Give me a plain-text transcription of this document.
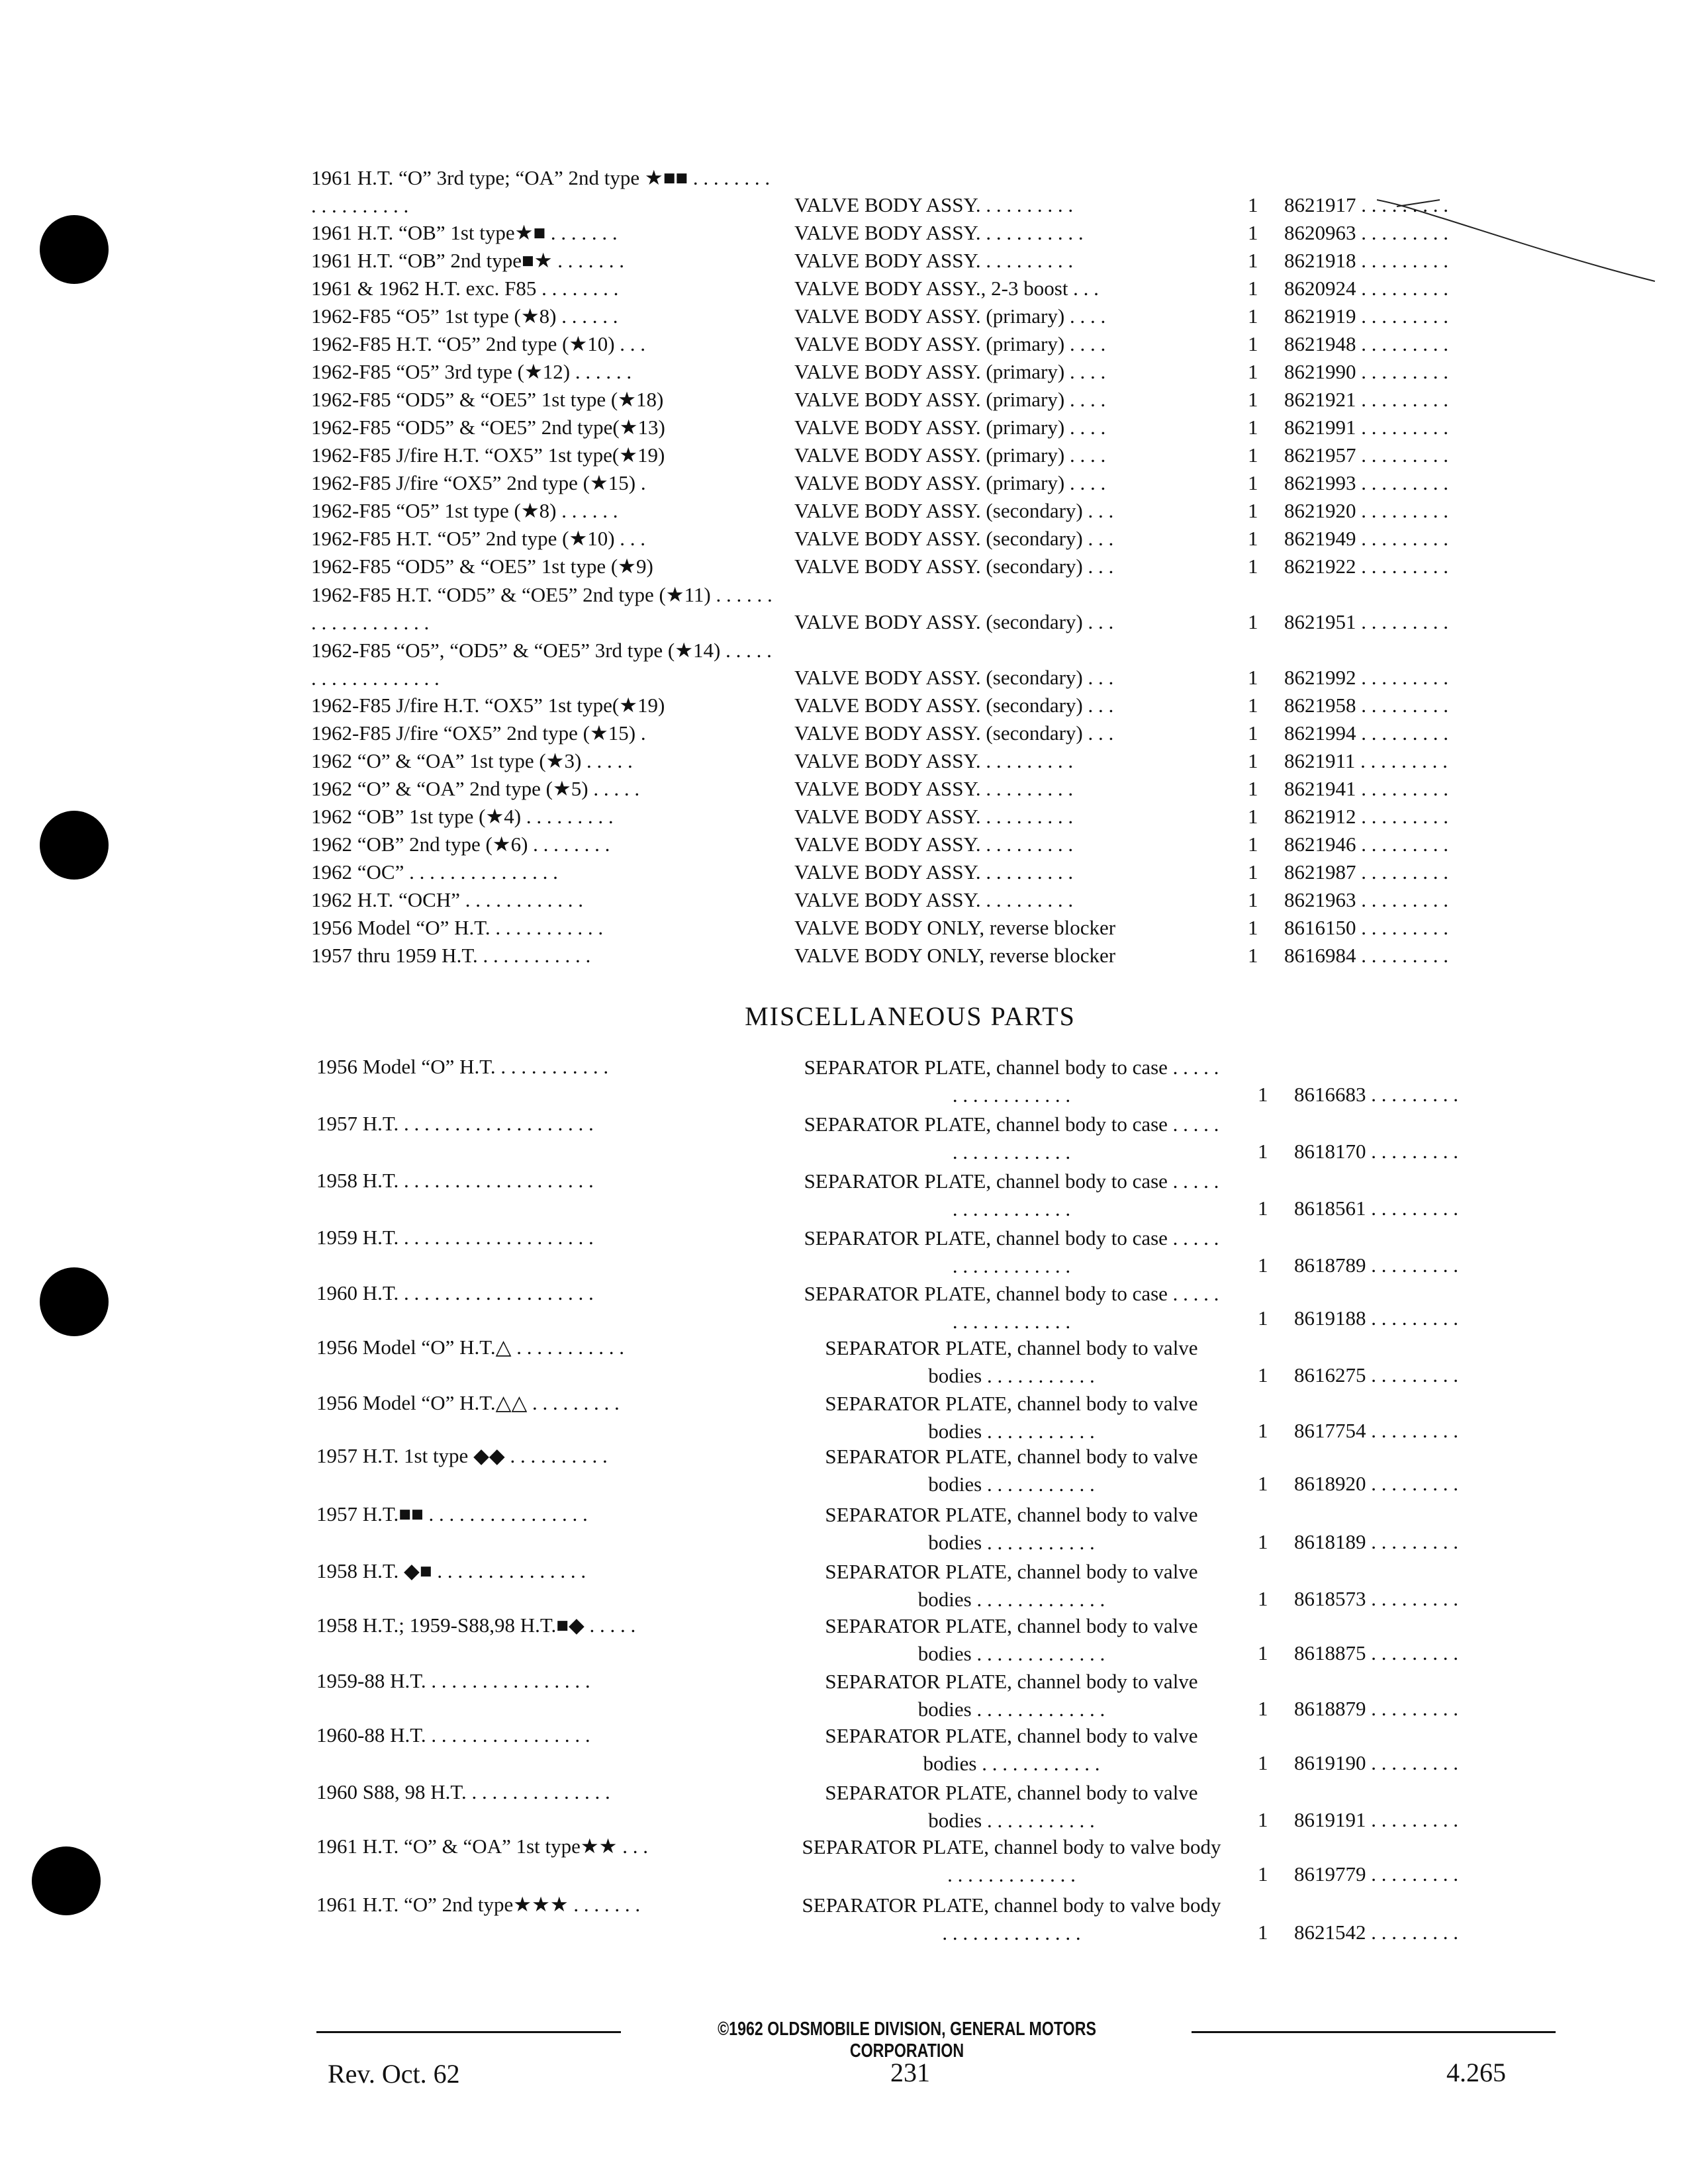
1961 H.T. “O” 3rd type; “OA” 2nd type ★■■ . . . . . . . . . . . . . . . . . .	VALVE BODY ASSY. . . . . . . . . .	1	8621917 . . . . . . . . .
1961 H.T. “OB” 1st type★■ . . . . . . .	VALVE BODY ASSY. . . . . . . . . . .	1	8620963 . . . . . . . . .
1961 H.T. “OB” 2nd type■★ . . . . . . .	VALVE BODY ASSY. . . . . . . . . .	1	8621918 . . . . . . . . .
1961 & 1962 H.T. exc. F85 . . . . . . . .	VALVE BODY ASSY., 2-3 boost . . .	1	8620924 . . . . . . . . .
1962-F85 “O5” 1st type (★8) . . . . . .	VALVE BODY ASSY. (primary) . . . .	1	8621919 . . . . . . . . .
1962-F85 H.T. “O5” 2nd type (★10) . . .	VALVE BODY ASSY. (primary) . . . .	1	8621948 . . . . . . . . .
1962-F85 “O5” 3rd type (★12) . . . . . .	VALVE BODY ASSY. (primary) . . . .	1	8621990 . . . . . . . . .
1962-F85 “OD5” & “OE5” 1st type (★18)	VALVE BODY ASSY. (primary) . . . .	1	8621921 . . . . . . . . .
1962-F85 “OD5” & “OE5” 2nd type(★13)	VALVE BODY ASSY. (primary) . . . .	1	8621991 . . . . . . . . .
1962-F85 J/fire H.T. “OX5” 1st type(★19)	VALVE BODY ASSY. (primary) . . . .	1	8621957 . . . . . . . . .
1962-F85 J/fire “OX5” 2nd type (★15) .	VALVE BODY ASSY. (primary) . . . .	1	8621993 . . . . . . . . .
1962-F85 “O5” 1st type (★8) . . . . . .	VALVE BODY ASSY. (secondary) . . .	1	8621920 . . . . . . . . .
1962-F85 H.T. “O5” 2nd type (★10) . . .	VALVE BODY ASSY. (secondary) . . .	1	8621949 . . . . . . . . .
1962-F85 “OD5” & “OE5” 1st type (★9)	VALVE BODY ASSY. (secondary) . . .	1	8621922 . . . . . . . . .
1962-F85 H.T. “OD5” & “OE5” 2nd type (★11) . . . . . . . . . . . . . . . . . .	VALVE BODY ASSY. (secondary) . . .	1	8621951 . . . . . . . . .
1962-F85 “O5”, “OD5” & “OE5” 3rd type (★14) . . . . . . . . . . . . . . . . . .	VALVE BODY ASSY. (secondary) . . .	1	8621992 . . . . . . . . .
1962-F85 J/fire H.T. “OX5” 1st type(★19)	VALVE BODY ASSY. (secondary) . . .	1	8621958 . . . . . . . . .
1962-F85 J/fire “OX5” 2nd type (★15) .	VALVE BODY ASSY. (secondary) . . .	1	8621994 . . . . . . . . .
1962 “O” & “OA” 1st type (★3) . . . . .	VALVE BODY ASSY. . . . . . . . . .	1	8621911 . . . . . . . . .
1962 “O” & “OA” 2nd type (★5) . . . . .	VALVE BODY ASSY. . . . . . . . . .	1	8621941 . . . . . . . . .
1962 “OB” 1st type (★4) . . . . . . . . .	VALVE BODY ASSY. . . . . . . . . .	1	8621912 . . . . . . . . .
1962 “OB” 2nd type (★6) . . . . . . . .	VALVE BODY ASSY. . . . . . . . . .	1	8621946 . . . . . . . . .
1962 “OC” . . . . . . . . . . . . . . .	VALVE BODY ASSY. . . . . . . . . .	1	8621987 . . . . . . . . .
1962 H.T. “OCH” . . . . . . . . . . . .	VALVE BODY ASSY. . . . . . . . . .	1	8621963 . . . . . . . . .
1956 Model “O” H.T. . . . . . . . . . . .	VALVE BODY ONLY, reverse blocker	1	8616150 . . . . . . . . .
1957 thru 1959 H.T. . . . . . . . . . . .	VALVE BODY ONLY, reverse blocker	1	8616984 . . . . . . . . .
MISCELLANEOUS PARTS
1956 Model “O” H.T. . . . . . . . . . . .	SEPARATOR PLATE, channel body to case . . . . . . . . . . . . . . . . .	1	8616683 . . . . . . . . .
1957 H.T. . . . . . . . . . . . . . . . . . . .	SEPARATOR PLATE, channel body to case . . . . . . . . . . . . . . . . .	1	8618170 . . . . . . . . .
1958 H.T. . . . . . . . . . . . . . . . . . . .	SEPARATOR PLATE, channel body to case . . . . . . . . . . . . . . . . .	1	8618561 . . . . . . . . .
1959 H.T. . . . . . . . . . . . . . . . . . . .	SEPARATOR PLATE, channel body to case . . . . . . . . . . . . . . . . .	1	8618789 . . . . . . . . .
1960 H.T. . . . . . . . . . . . . . . . . . . .	SEPARATOR PLATE, channel body to case . . . . . . . . . . . . . . . . .	1	8619188 . . . . . . . . .
1956 Model “O” H.T.△ . . . . . . . . . . .	SEPARATOR PLATE, channel body to valve bodies . . . . . . . . . . .	1	8616275 . . . . . . . . .
1956 Model “O” H.T.△△ . . . . . . . . .	SEPARATOR PLATE, channel body to valve bodies . . . . . . . . . . .	1	8617754 . . . . . . . . .
1957 H.T. 1st type ◆◆ . . . . . . . . . .	SEPARATOR PLATE, channel body to valve bodies . . . . . . . . . . .	1	8618920 . . . . . . . . .
1957 H.T.■■ . . . . . . . . . . . . . . . .	SEPARATOR PLATE, channel body to valve bodies . . . . . . . . . . .	1	8618189 . . . . . . . . .
1958 H.T. ◆■ . . . . . . . . . . . . . . .	SEPARATOR PLATE, channel body to valve bodies . . . . . . . . . . . . .	1	8618573 . . . . . . . . .
1958 H.T.; 1959-S88,98 H.T.■◆ . . . . .	SEPARATOR PLATE, channel body to valve bodies . . . . . . . . . . . . .	1	8618875 . . . . . . . . .
1959-88 H.T. . . . . . . . . . . . . . . . .	SEPARATOR PLATE, channel body to valve bodies . . . . . . . . . . . . .	1	8618879 . . . . . . . . .
1960-88 H.T. . . . . . . . . . . . . . . . .	SEPARATOR PLATE, channel body to valve bodies . . . . . . . . . . . .	1	8619190 . . . . . . . . .
1960 S88, 98 H.T. . . . . . . . . . . . . . .	SEPARATOR PLATE, channel body to valve bodies . . . . . . . . . . .	1	8619191 . . . . . . . . .
1961 H.T. “O” & “OA” 1st type★★ . . .	SEPARATOR PLATE, channel body to valve body . . . . . . . . . . . . .	1	8619779 . . . . . . . . .
1961 H.T. “O” 2nd type★★★ . . . . . . .	SEPARATOR PLATE, channel body to valve body . . . . . . . . . . . . . .	1	8621542 . . . . . . . . .
©1962 OLDSMOBILE DIVISION, GENERAL MOTORS CORPORATION
Rev. Oct. 62	231	4.265
